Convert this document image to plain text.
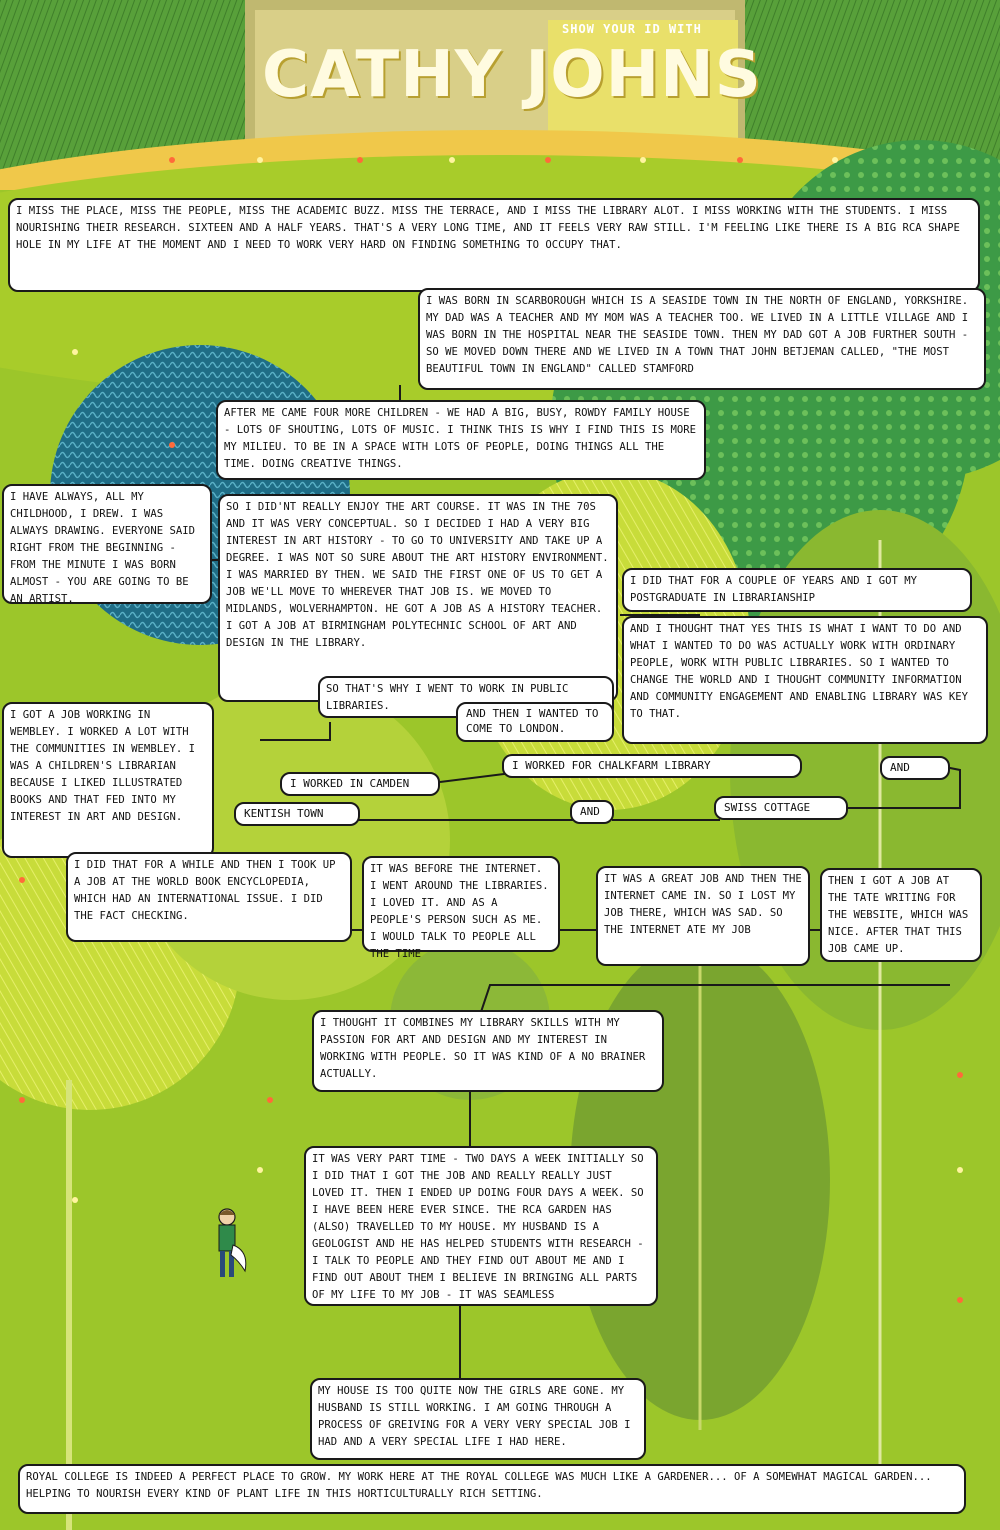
SHOW YOUR ID WITH
CATHY JOHNS
I MISS THE PLACE, MISS THE PEOPLE, MISS THE ACADEMIC BUZZ. MISS THE TERRACE, AND I MISS THE LIBRARY ALOT. I MISS WORKING WITH THE STUDENTS. I MISS NOURISHING THEIR RESEARCH. SIXTEEN AND A HALF YEARS. THAT'S A VERY LONG TIME, AND IT FEELS VERY RAW STILL. I'M FEELING LIKE THERE IS A BIG RCA SHAPE HOLE IN MY LIFE AT THE MOMENT AND I NEED TO WORK VERY HARD ON FINDING SOMETHING TO OCCUPY THAT.
I WAS BORN IN SCARBOROUGH WHICH IS A SEASIDE TOWN IN THE NORTH OF ENGLAND, YORKSHIRE. MY DAD WAS A TEACHER AND MY MOM WAS A TEACHER TOO. WE LIVED IN A LITTLE VILLAGE AND I WAS BORN IN THE HOSPITAL NEAR THE SEASIDE TOWN. THEN MY DAD GOT A JOB FURTHER SOUTH - SO WE MOVED DOWN THERE AND WE LIVED IN A TOWN THAT JOHN BETJEMAN CALLED, "THE MOST BEAUTIFUL TOWN IN ENGLAND" CALLED STAMFORD
AFTER ME CAME FOUR MORE CHILDREN - WE HAD A BIG, BUSY, ROWDY FAMILY HOUSE - LOTS OF SHOUTING, LOTS OF MUSIC. I THINK THIS IS WHY I FIND THIS IS MORE MY MILIEU. TO BE IN A SPACE WITH LOTS OF PEOPLE, DOING THINGS ALL THE TIME. DOING CREATIVE THINGS.
I HAVE ALWAYS, ALL MY CHILDHOOD, I DREW. I WAS ALWAYS DRAWING. EVERYONE SAID RIGHT FROM THE BEGINNING - FROM THE MINUTE I WAS BORN ALMOST - YOU ARE GOING TO BE AN ARTIST.
SO I DID'NT REALLY ENJOY THE ART COURSE. IT WAS IN THE 70S AND IT WAS VERY CONCEPTUAL. SO I DECIDED I HAD A VERY BIG INTEREST IN ART HISTORY - TO GO TO UNIVERSITY AND TAKE UP A DEGREE. I WAS NOT SO SURE ABOUT THE ART HISTORY ENVIRONMENT. I WAS MARRIED BY THEN. WE SAID THE FIRST ONE OF US TO GET A JOB WE'LL MOVE TO WHEREVER THAT JOB IS. WE MOVED TO MIDLANDS, WOLVERHAMPTON. HE GOT A JOB AS A HISTORY TEACHER. I GOT A JOB AT BIRMINGHAM POLYTECHNIC SCHOOL OF ART AND DESIGN IN THE LIBRARY.
I DID THAT FOR A COUPLE OF YEARS AND I GOT MY POSTGRADUATE IN LIBRARIANSHIP
AND I THOUGHT THAT YES THIS IS WHAT I WANT TO DO AND WHAT I WANTED TO DO WAS ACTUALLY WORK WITH ORDINARY PEOPLE, WORK WITH PUBLIC LIBRARIES. SO I WANTED TO CHANGE THE WORLD AND I THOUGHT COMMUNITY INFORMATION AND COMMUNITY ENGAGEMENT AND ENABLING LIBRARY WAS KEY TO THAT.
SO THAT'S WHY I WENT TO WORK IN PUBLIC LIBRARIES.
AND THEN I WANTED TO COME TO LONDON.
I GOT A JOB WORKING IN WEMBLEY. I WORKED A LOT WITH THE COMMUNITIES IN WEMBLEY. I WAS A CHILDREN'S LIBRARIAN BECAUSE I LIKED ILLUSTRATED BOOKS AND THAT FED INTO MY INTEREST IN ART AND DESIGN.
I WORKED IN CAMDEN
I WORKED FOR CHALKFARM LIBRARY	AND
KENTISH TOWN	AND	SWISS COTTAGE
I DID THAT FOR A WHILE AND THEN I TOOK UP A JOB AT THE WORLD BOOK ENCYCLOPEDIA, WHICH HAD AN INTERNATIONAL ISSUE. I DID THE FACT CHECKING.
IT WAS BEFORE THE INTERNET. I WENT AROUND THE LIBRARIES. I LOVED IT. AND AS A PEOPLE'S PERSON SUCH AS ME. I WOULD TALK TO PEOPLE ALL THE TIME
IT WAS A GREAT JOB AND THEN THE INTERNET CAME IN. SO I LOST MY JOB THERE, WHICH WAS SAD. SO THE INTERNET ATE MY JOB
THEN I GOT A JOB AT THE TATE WRITING FOR THE WEBSITE, WHICH WAS NICE. AFTER THAT THIS JOB CAME UP.
I THOUGHT IT COMBINES MY LIBRARY SKILLS WITH MY PASSION FOR ART AND DESIGN AND MY INTEREST IN WORKING WITH PEOPLE. SO IT WAS KIND OF A NO BRAINER ACTUALLY.
IT WAS VERY PART TIME - TWO DAYS A WEEK INITIALLY SO I DID THAT I GOT THE JOB AND REALLY REALLY JUST LOVED IT. THEN I ENDED UP DOING FOUR DAYS A WEEK. SO I HAVE BEEN HERE EVER SINCE. THE RCA GARDEN HAS (ALSO) TRAVELLED TO MY HOUSE. MY HUSBAND IS A GEOLOGIST AND HE HAS HELPED STUDENTS WITH RESEARCH - I TALK TO PEOPLE AND THEY FIND OUT ABOUT ME AND I FIND OUT ABOUT THEM I BELIEVE IN BRINGING ALL PARTS OF MY LIFE TO MY JOB - IT WAS SEAMLESS
MY HOUSE IS TOO QUITE NOW THE GIRLS ARE GONE. MY HUSBAND IS STILL WORKING. I AM GOING THROUGH A PROCESS OF GREIVING FOR A VERY VERY SPECIAL JOB I HAD AND A VERY SPECIAL LIFE I HAD HERE.
ROYAL COLLEGE IS INDEED A PERFECT PLACE TO GROW. MY WORK HERE AT THE ROYAL COLLEGE WAS MUCH LIKE A GARDENER... OF A SOMEWHAT MAGICAL GARDEN... HELPING TO NOURISH EVERY KIND OF PLANT LIFE IN THIS HORTICULTURALLY RICH SETTING.
